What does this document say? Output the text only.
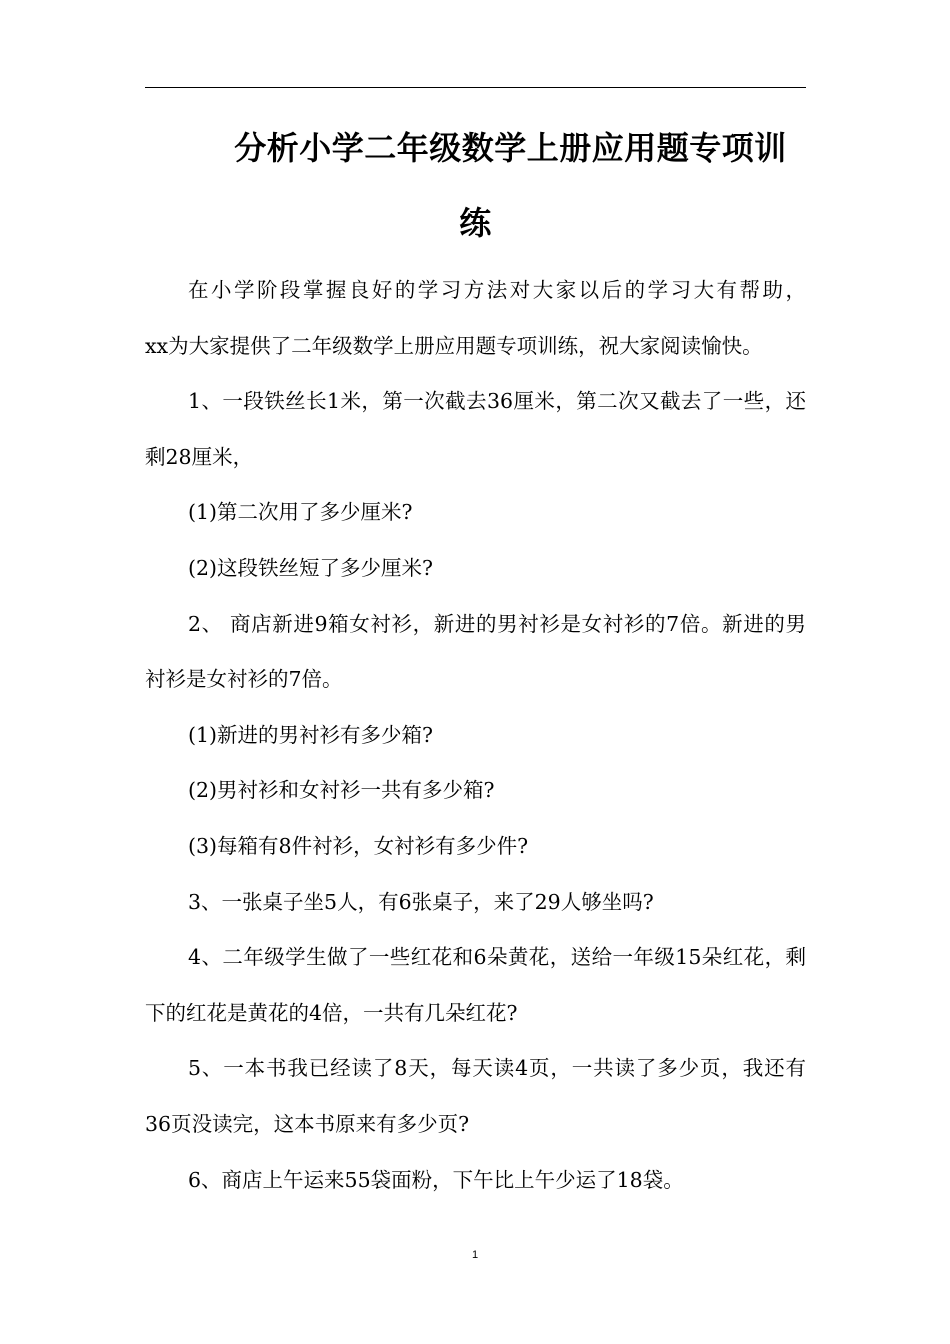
分析小学二年级数学上册应用题专项训
练

在小学阶段掌握良好的学习方法对大家以后的学习大有帮助，

xx为大家提供了二年级数学上册应用题专项训练，祝大家阅读愉快。

1、一段铁丝长1米，第一次截去36厘米，第二次又截去了一些，还剩28厘米，

(1)第二次用了多少厘米?

(2)这段铁丝短了多少厘米?

2、 商店新进9箱女衬衫，新进的男衬衫是女衬衫的7倍。新进的男衬衫是女衬衫的7倍。

(1)新进的男衬衫有多少箱?

(2)男衬衫和女衬衫一共有多少箱?

(3)每箱有8件衬衫，女衬衫有多少件?

3、一张桌子坐5人，有6张桌子，来了29人够坐吗?

4、二年级学生做了一些红花和6朵黄花，送给一年级15朵红花，剩下的红花是黄花的4倍，一共有几朵红花?

5、一本书我已经读了8天，每天读4页，一共读了多少页，我还有36页没读完，这本书原来有多少页?

6、商店上午运来55袋面粉，下午比上午少运了18袋。

1
